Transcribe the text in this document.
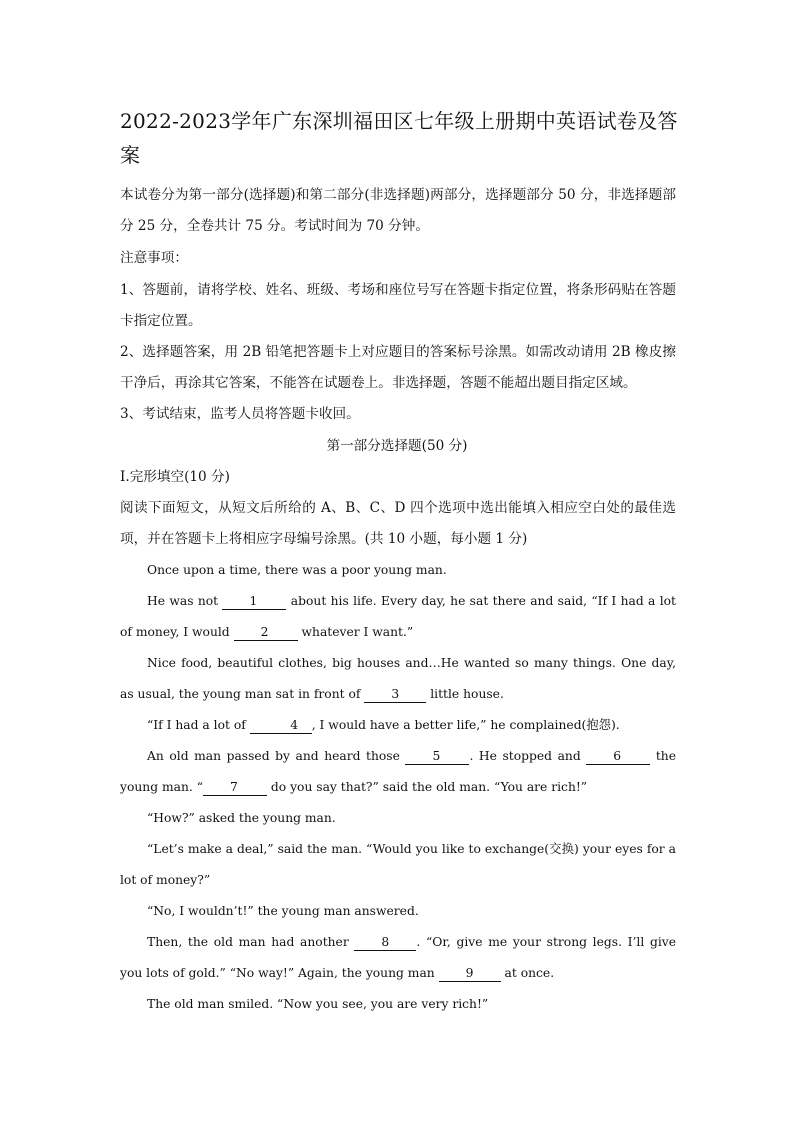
2022-2023学年广东深圳福田区七年级上册期中英语试卷及答案

本试卷分为第一部分(选择题)和第二部分(非选择题)两部分，选择题部分 50 分，非选择题部分 25 分，全卷共计 75 分。考试时间为 70 分钟。

注意事项：

1、答题前，请将学校、姓名、班级、考场和座位号写在答题卡指定位置，将条形码贴在答题卡指定位置。

2、选择题答案，用 2B 铅笔把答题卡上对应题目的答案标号涂黑。如需改动请用 2B 橡皮擦干净后，再涂其它答案，不能答在试题卷上。非选择题，答题不能超出题目指定区域。

3、考试结束，监考人员将答题卡收回。

第一部分选择题(50 分)

I.完形填空(10 分)

阅读下面短文，从短文后所给的 A、B、C、D 四个选项中选出能填入相应空白处的最佳选项，并在答题卡上将相应字母编号涂黑。(共 10 小题，每小题 1 分)

Once upon a time, there was a poor young man.

He was not 1 about his life. Every day, he sat there and said, “If I had a lot of money, I would 2 whatever I want.”

Nice food, beautiful clothes, big houses and…He wanted so many things. One day, as usual, the young man sat in front of 3 little house.

“If I had a lot of	4 , I would have a better life,” he complained(抱怨).

An old man passed by and heard those 5 . He stopped and 6 the young man. “ 7 do you say that?” said the old man. “You are rich!”

“How?” asked the young man.

“Let’s make a deal,” said the man. “Would you like to exchange(交换) your eyes for a lot of money?”

“No, I wouldn’t!” the young man answered.

Then, the old man had another 8 . “Or, give me your strong legs. I’ll give you lots of gold.” “No way!” Again, the young man 9 at once.

The old man smiled. “Now you see, you are very rich!”
